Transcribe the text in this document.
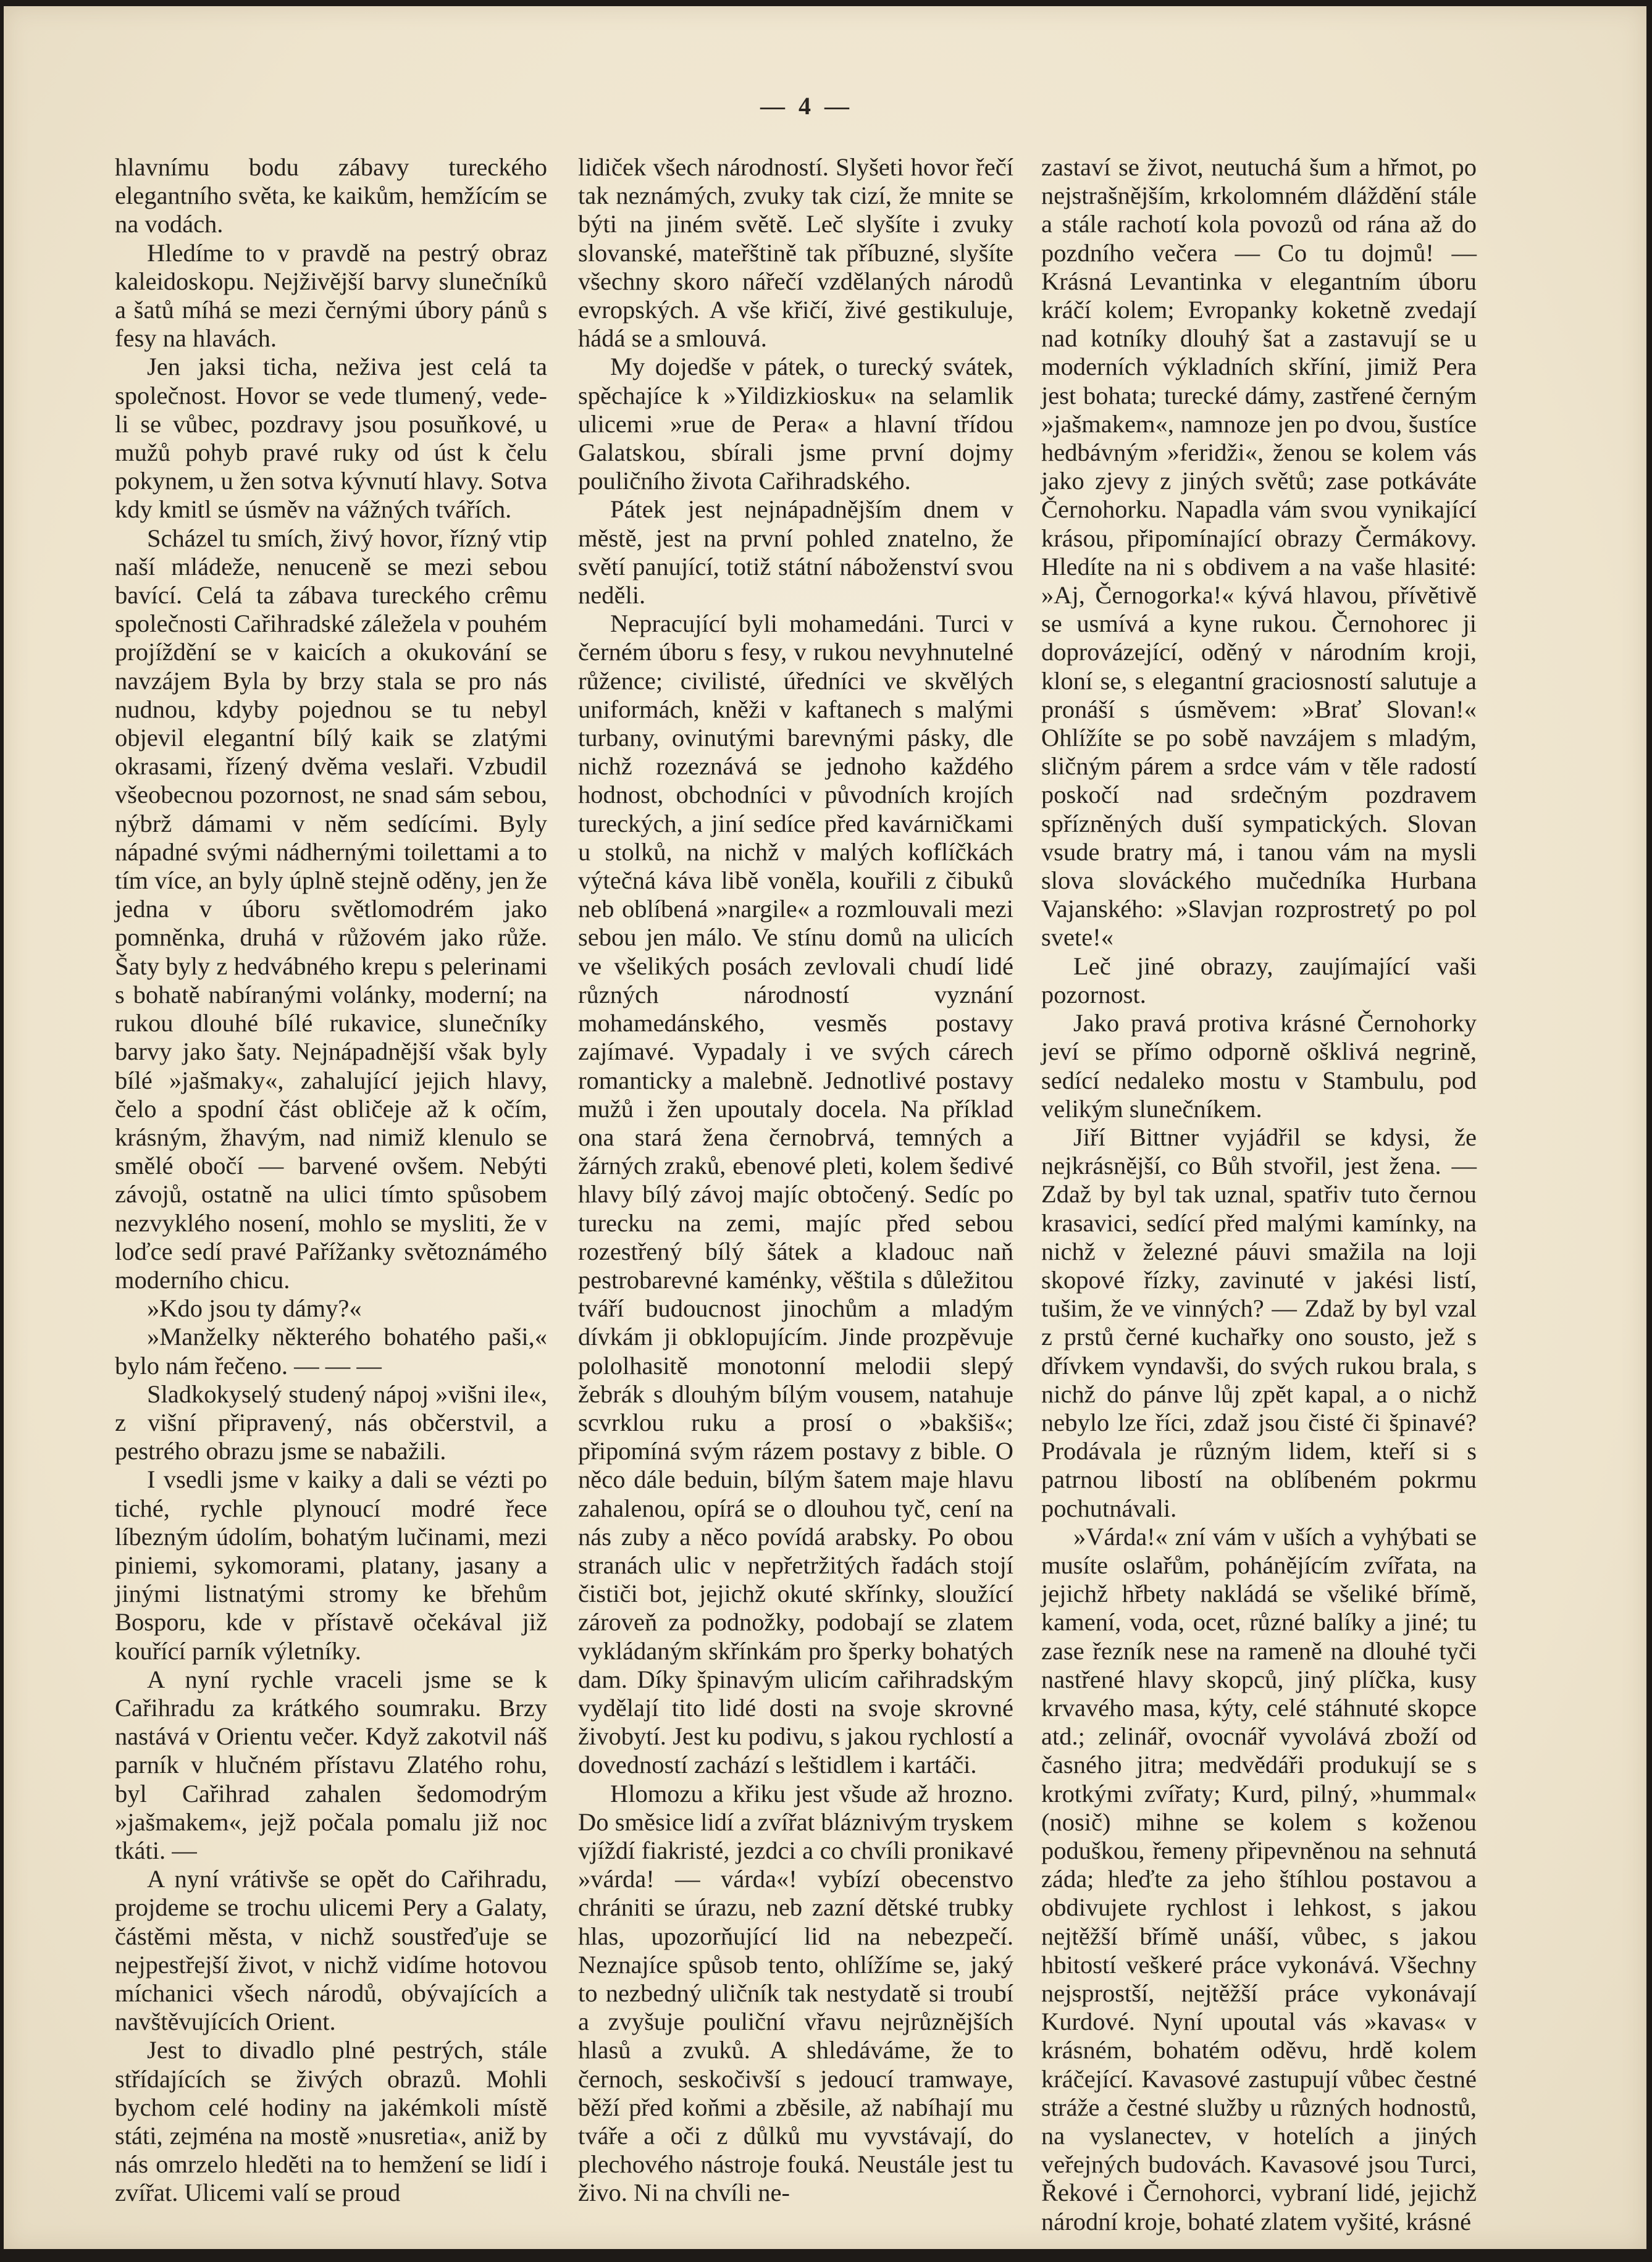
— 4 —

hlavnímu bodu zábavy tureckého elegantního světa, ke kaikům, hemžícím se na vodách.

Hledíme to v pravdě na pestrý obraz kaleidoskopu. Nejživější barvy slunečníků a šatů míhá se mezi černými úbory pánů s fesy na hlavách.

Jen jaksi ticha, neživa jest celá ta společnost. Hovor se vede tlumený, vede-li se vůbec, pozdravy jsou posuňkové, u mužů pohyb pravé ruky od úst k čelu pokynem, u žen sotva kývnutí hlavy. Sotva kdy kmitl se úsměv na vážných tvářích.

Scházel tu smích, živý hovor, řízný vtip naší mládeže, nenuceně se mezi sebou bavící. Celá ta zábava tureckého crêmu společnosti Cařihradské záležela v pouhém projíždění se v kaicích a okukování se navzájem Byla by brzy stala se pro nás nudnou, kdyby pojednou se tu nebyl objevil elegantní bílý kaik se zlatými okrasami, řízený dvěma veslaři. Vzbudil všeobecnou pozornost, ne snad sám sebou, nýbrž dámami v něm sedícími. Byly nápadné svými nádhernými toilettami a to tím více, an byly úplně stejně oděny, jen že jedna v úboru světlomodrém jako pomněnka, druhá v růžovém jako růže. Šaty byly z hedvábného krepu s pelerinami s bohatě nabíranými volánky, moderní; na rukou dlouhé bílé rukavice, slunečníky barvy jako šaty. Nejnápadnější však byly bílé »jašmaky«, zahalující jejich hlavy, čelo a spodní část obličeje až k očím, krásným, žhavým, nad nimiž klenulo se smělé obočí — barvené ovšem. Nebýti závojů, ostatně na ulici tímto spůsobem nezvyklého nosení, mohlo se mysliti, že v loďce sedí pravé Pařížanky světoznámého moderního chicu.

»Kdo jsou ty dámy?«

»Manželky některého bohatého paši,« bylo nám řečeno. — — —

Sladkokyselý studený nápoj »višni ile«, z višní připravený, nás občerstvil, a pestrého obrazu jsme se nabažili.

I vsedli jsme v kaiky a dali se vézti po tiché, rychle plynoucí modré řece líbezným údolím, bohatým lučinami, mezi piniemi, sykomorami, platany, jasany a jinými listnatými stromy ke břehům Bosporu, kde v přístavě očekával již kouřící parník výletníky.

A nyní rychle vraceli jsme se k Cařihradu za krátkého soumraku. Brzy nastává v Orientu večer. Když zakotvil náš parník v hlučném přístavu Zlatého rohu, byl Cařihrad zahalen šedomodrým »jašmakem«, jejž počala pomalu již noc tkáti. —

A nyní vrátivše se opět do Cařihradu, projdeme se trochu ulicemi Pery a Galaty, částěmi města, v nichž soustřeďuje se nejpestřejší život, v nichž vidíme hotovou míchanici všech národů, obývajících a navštěvujících Orient.

Jest to divadlo plné pestrých, stále střídajících se živých obrazů. Mohli bychom celé hodiny na jakémkoli místě státi, zejména na mostě »nusretia«, aniž by nás omrzelo hleděti na to hemžení se lidí i zvířat. Ulicemi valí se proud

lidiček všech národností. Slyšeti hovor řečí tak neznámých, zvuky tak cizí, že mnite se býti na jiném světě. Leč slyšíte i zvuky slovanské, mateřštině tak příbuzné, slyšíte všechny skoro nářečí vzdělaných národů evropských. A vše křičí, živé gestikuluje, hádá se a smlouvá.

My dojedše v pátek, o turecký svátek, spěchajíce k »Yildizkiosku« na selamlik ulicemi »rue de Pera« a hlavní třídou Galatskou, sbírali jsme první dojmy pouličního života Cařihradského.

Pátek jest nejnápadnějším dnem v městě, jest na první pohled znatelno, že světí panující, totiž státní náboženství svou neděli.

Nepracující byli mohamedáni. Turci v černém úboru s fesy, v rukou nevyhnutelné růžence; civilisté, úředníci ve skvělých uniformách, kněži v kaftanech s malými turbany, ovinutými barevnými pásky, dle nichž rozeznává se jednoho každého hodnost, obchodníci v původních krojích tureckých, a jiní sedíce před kavárničkami u stolků, na nichž v malých koflíčkách výtečná káva libě voněla, kouřili z čibuků neb oblíbená »nargile« a rozmlouvali mezi sebou jen málo. Ve stínu domů na ulicích ve všelikých posách zevlovali chudí lidé různých národností vyznání mohamedánského, vesměs postavy zajímavé. Vypadaly i ve svých cárech romanticky a malebně. Jednotlivé postavy mužů i žen upoutaly docela. Na příklad ona stará žena černobrvá, temných a žárných zraků, ebenové pleti, kolem šedivé hlavy bílý závoj majíc obtočený. Sedíc po turecku na zemi, majíc před sebou rozestřený bílý šátek a kladouc naň pestrobarevné kaménky, věštila s důležitou tváří budoucnost jinochům a mladým dívkám ji obklopujícím. Jinde prozpěvuje pololhasitě monotonní melodii slepý žebrák s dlouhým bílým vousem, natahuje scvrklou ruku a prosí o »bakšiš«; připomíná svým rázem postavy z bible. O něco dále beduin, bílým šatem maje hlavu zahalenou, opírá se o dlouhou tyč, cení na nás zuby a něco povídá arabsky. Po obou stranách ulic v nepřetržitých řadách stojí čističi bot, jejichž okuté skřínky, sloužící zároveň za podnožky, podobají se zlatem vykládaným skřínkám pro šperky bohatých dam. Díky špinavým ulicím cařihradským vydělají tito lidé dosti na svoje skrovné živobytí. Jest ku podivu, s jakou rychlostí a dovedností zachází s leštidlem i kartáči.

Hlomozu a křiku jest všude až hrozno. Do směsice lidí a zvířat bláznivým tryskem vjíždí fiakristé, jezdci a co chvíli pronikavé »várda! — várda«! vybízí obecenstvo chrániti se úrazu, neb zazní dětské trubky hlas, upozorňující lid na nebezpečí. Neznajíce spůsob tento, ohlížíme se, jaký to nezbedný uličník tak nestydatě si troubí a zvyšuje pouliční vřavu nejrůznějších hlasů a zvuků. A shledáváme, že to černoch, seskočivší s jedoucí tramwaye, běží před koňmi a zběsile, až nabíhají mu tváře a oči z důlků mu vyvstávají, do plechového nástroje fouká. Neustále jest tu živo. Ni na chvíli ne-

zastaví se život, neutuchá šum a hřmot, po nejstrašnějším, krkolomném dláždění stále a stále rachotí kola povozů od rána až do pozdního večera — Co tu dojmů! — Krásná Levantinka v elegantním úboru kráčí kolem; Evropanky koketně zvedají nad kotníky dlouhý šat a zastavují se u moderních výkladních skříní, jimiž Pera jest bohata; turecké dámy, zastřené černým »jašmakem«, namnoze jen po dvou, šustíce hedbávným »feridži«, ženou se kolem vás jako zjevy z jiných světů; zase potkáváte Černohorku. Napadla vám svou vynikající krásou, připomínající obrazy Čermákovy. Hledíte na ni s obdivem a na vaše hlasité: »Aj, Černogorka!« kývá hlavou, přívětivě se usmívá a kyne rukou. Černohorec ji doprovázející, oděný v národním kroji, kloní se, s elegantní graciosností salutuje a pronáší s úsměvem: »Brať Slovan!« Ohlížíte se po sobě navzájem s mladým, sličným párem a srdce vám v těle radostí poskočí nad srdečným pozdravem spřízněných duší sympatických. Slovan vsude bratry má, i tanou vám na mysli slova slováckého mučedníka Hurbana Vajanského: »Slavjan rozprostretý po pol svete!«

Leč jiné obrazy, zaujímající vaši pozornost.

Jako pravá protiva krásné Černohorky jeví se přímo odporně ošklivá negrině, sedící nedaleko mostu v Stambulu, pod velikým slunečníkem.

Jiří Bittner vyjádřil se kdysi, že nejkrásnější, co Bůh stvořil, jest žena. — Zdaž by byl tak uznal, spatřiv tuto černou krasavici, sedící před malými kamínky, na nichž v železné páuvi smažila na loji skopové řízky, zavinuté v jakési listí, tušim, že ve vinných? — Zdaž by byl vzal z prstů černé kuchařky ono sousto, jež s dřívkem vyndavši, do svých rukou brala, s nichž do pánve lůj zpět kapal, a o nichž nebylo lze říci, zdaž jsou čisté či špinavé? Prodávala je různým lidem, kteří si s patrnou libostí na oblíbeném pokrmu pochutnávali.

»Várda!« zní vám v uších a vyhýbati se musíte oslařům, pohánějícím zvířata, na jejichž hřbety nakládá se všeliké břímě, kamení, voda, ocet, různé balíky a jiné; tu zase řezník nese na rameně na dlouhé tyči nastřené hlavy skopců, jiný plíčka, kusy krvavého masa, kýty, celé stáhnuté skopce atd.; zelinář, ovocnář vyvolává zboží od časného jitra; medvědáři produkují se s krotkými zvířaty; Kurd, pilný, »hummal« (nosič) mihne se kolem s koženou poduškou, řemeny připevněnou na sehnutá záda; hleďte za jeho štíhlou postavou a obdivujete rychlost i lehkost, s jakou nejtěžší břímě unáší, vůbec, s jakou hbitostí veškeré práce vykonává. Všechny nejsprostší, nejtěžší práce vykonávají Kurdové. Nyní upoutal vás »kavas« v krásném, bohatém oděvu, hrdě kolem kráčející. Kavasové zastupují vůbec čestné stráže a čestné služby u různých hodnostů, na vyslanectev, v hotelích a jiných veřejných budovách. Kavasové jsou Turci, Řekové i Černohorci, vybraní lidé, jejichž národní kroje, bohaté zlatem vyšité, krásné
